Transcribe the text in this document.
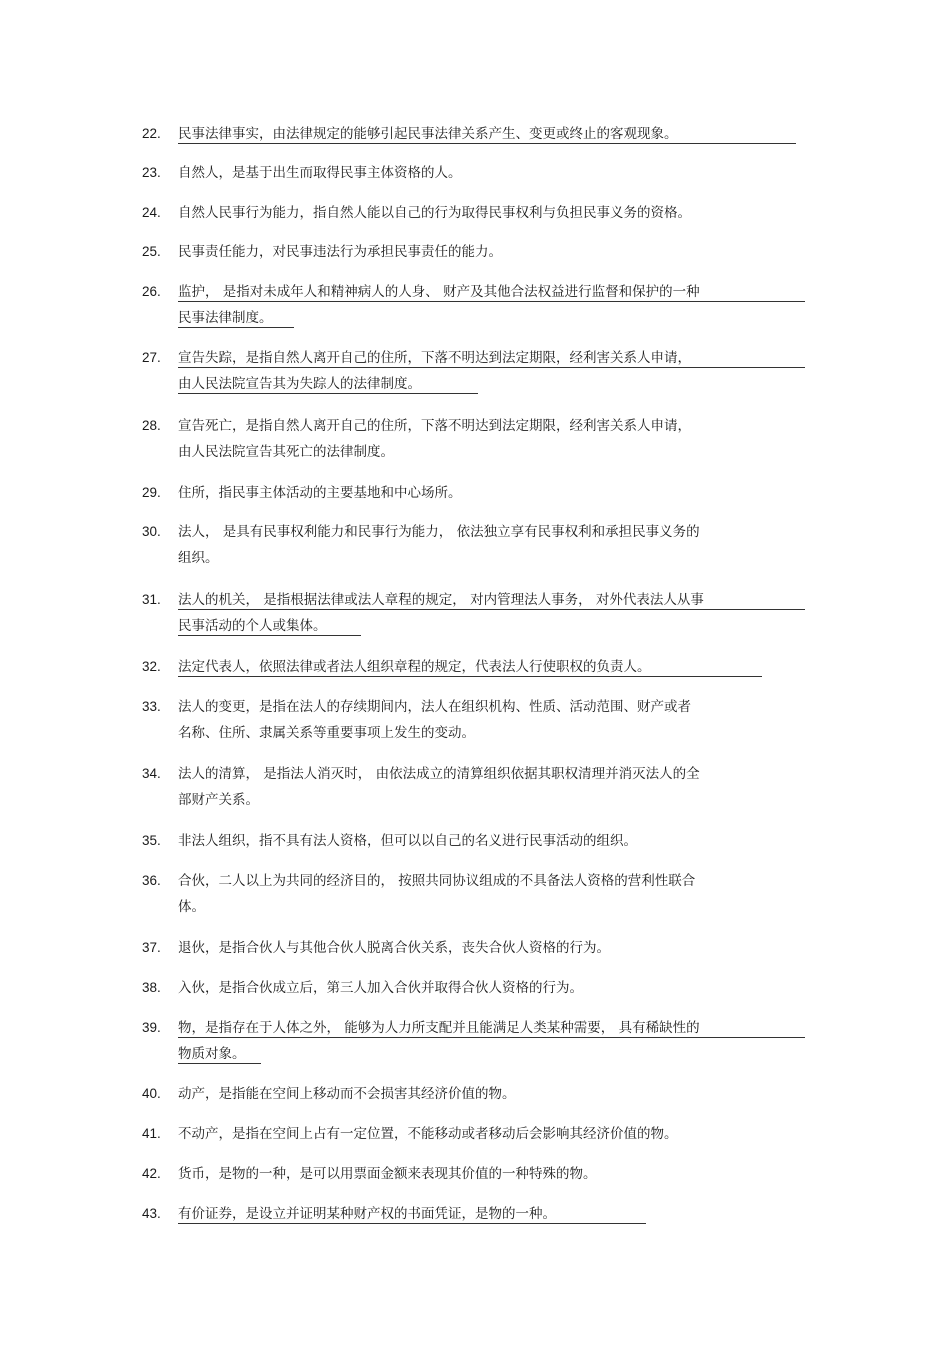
22.	民事法律事实，由法律规定的能够引起民事法律关系产生、变更或终止的客观现象。
23.	自然人，是基于出生而取得民事主体资格的人。
24.	自然人民事行为能力，指自然人能以自己的行为取得民事权利与负担民事义务的资格。
25.	民事责任能力，对民事违法行为承担民事责任的能力。
26.	监护， 是指对未成年人和精神病人的人身、 财产及其他合法权益进行监督和保护的一种
民事法律制度。
27.	宣告失踪，是指自然人离开自己的住所，下落不明达到法定期限，经利害关系人申请，
由人民法院宣告其为失踪人的法律制度。
28.	宣告死亡，是指自然人离开自己的住所，下落不明达到法定期限，经利害关系人申请，
由人民法院宣告其死亡的法律制度。
29.	住所，指民事主体活动的主要基地和中心场所。
30.	法人， 是具有民事权利能力和民事行为能力， 依法独立享有民事权利和承担民事义务的
组织。
31.	法人的机关， 是指根据法律或法人章程的规定， 对内管理法人事务， 对外代表法人从事
民事活动的个人或集体。
32.	法定代表人，依照法律或者法人组织章程的规定，代表法人行使职权的负责人。
33.	法人的变更，是指在法人的存续期间内，法人在组织机构、性质、活动范围、财产或者
名称、住所、隶属关系等重要事项上发生的变动。
34.	法人的清算， 是指法人消灭时， 由依法成立的清算组织依据其职权清理并消灭法人的全
部财产关系。
35.	非法人组织，指不具有法人资格，但可以以自己的名义进行民事活动的组织。
36.	合伙，二人以上为共同的经济目的， 按照共同协议组成的不具备法人资格的营利性联合
体。
37.	退伙，是指合伙人与其他合伙人脱离合伙关系，丧失合伙人资格的行为。
38.	入伙，是指合伙成立后，第三人加入合伙并取得合伙人资格的行为。
39.	物，是指存在于人体之外， 能够为人力所支配并且能满足人类某种需要， 具有稀缺性的
物质对象。
40.	动产，是指能在空间上移动而不会损害其经济价值的物。
41.	不动产，是指在空间上占有一定位置，不能移动或者移动后会影响其经济价值的物。
42.	货币，是物的一种，是可以用票面金额来表现其价值的一种特殊的物。
43.	有价证券，是设立并证明某种财产权的书面凭证，是物的一种。
